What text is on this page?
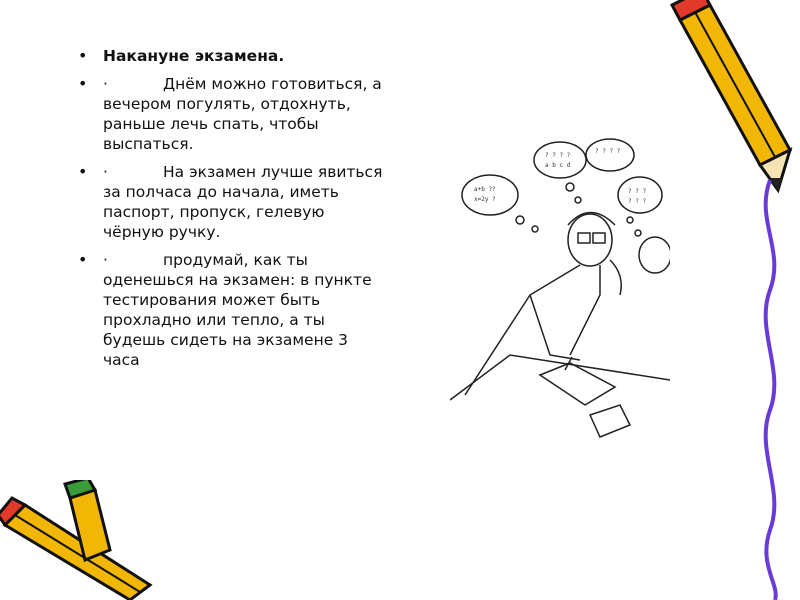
• Накануне экзамена.
• ·	Днём можно готовиться, а вечером погулять, отдохнуть, раньше лечь спать, чтобы выспаться.
• ·	На экзамен лучше явиться за полчаса до начала, иметь паспорт, пропуск, гелевую чёрную ручку.
• ·	продумай, как ты оденешься на экзамен: в пункте тестирования может быть прохладно или тепло, а ты будешь сидеть на экзамене 3 часа
a+b ??
x=2y ?
? ? ? ?
a b c d
? ? ? ?
? ? ?
? ? ?
